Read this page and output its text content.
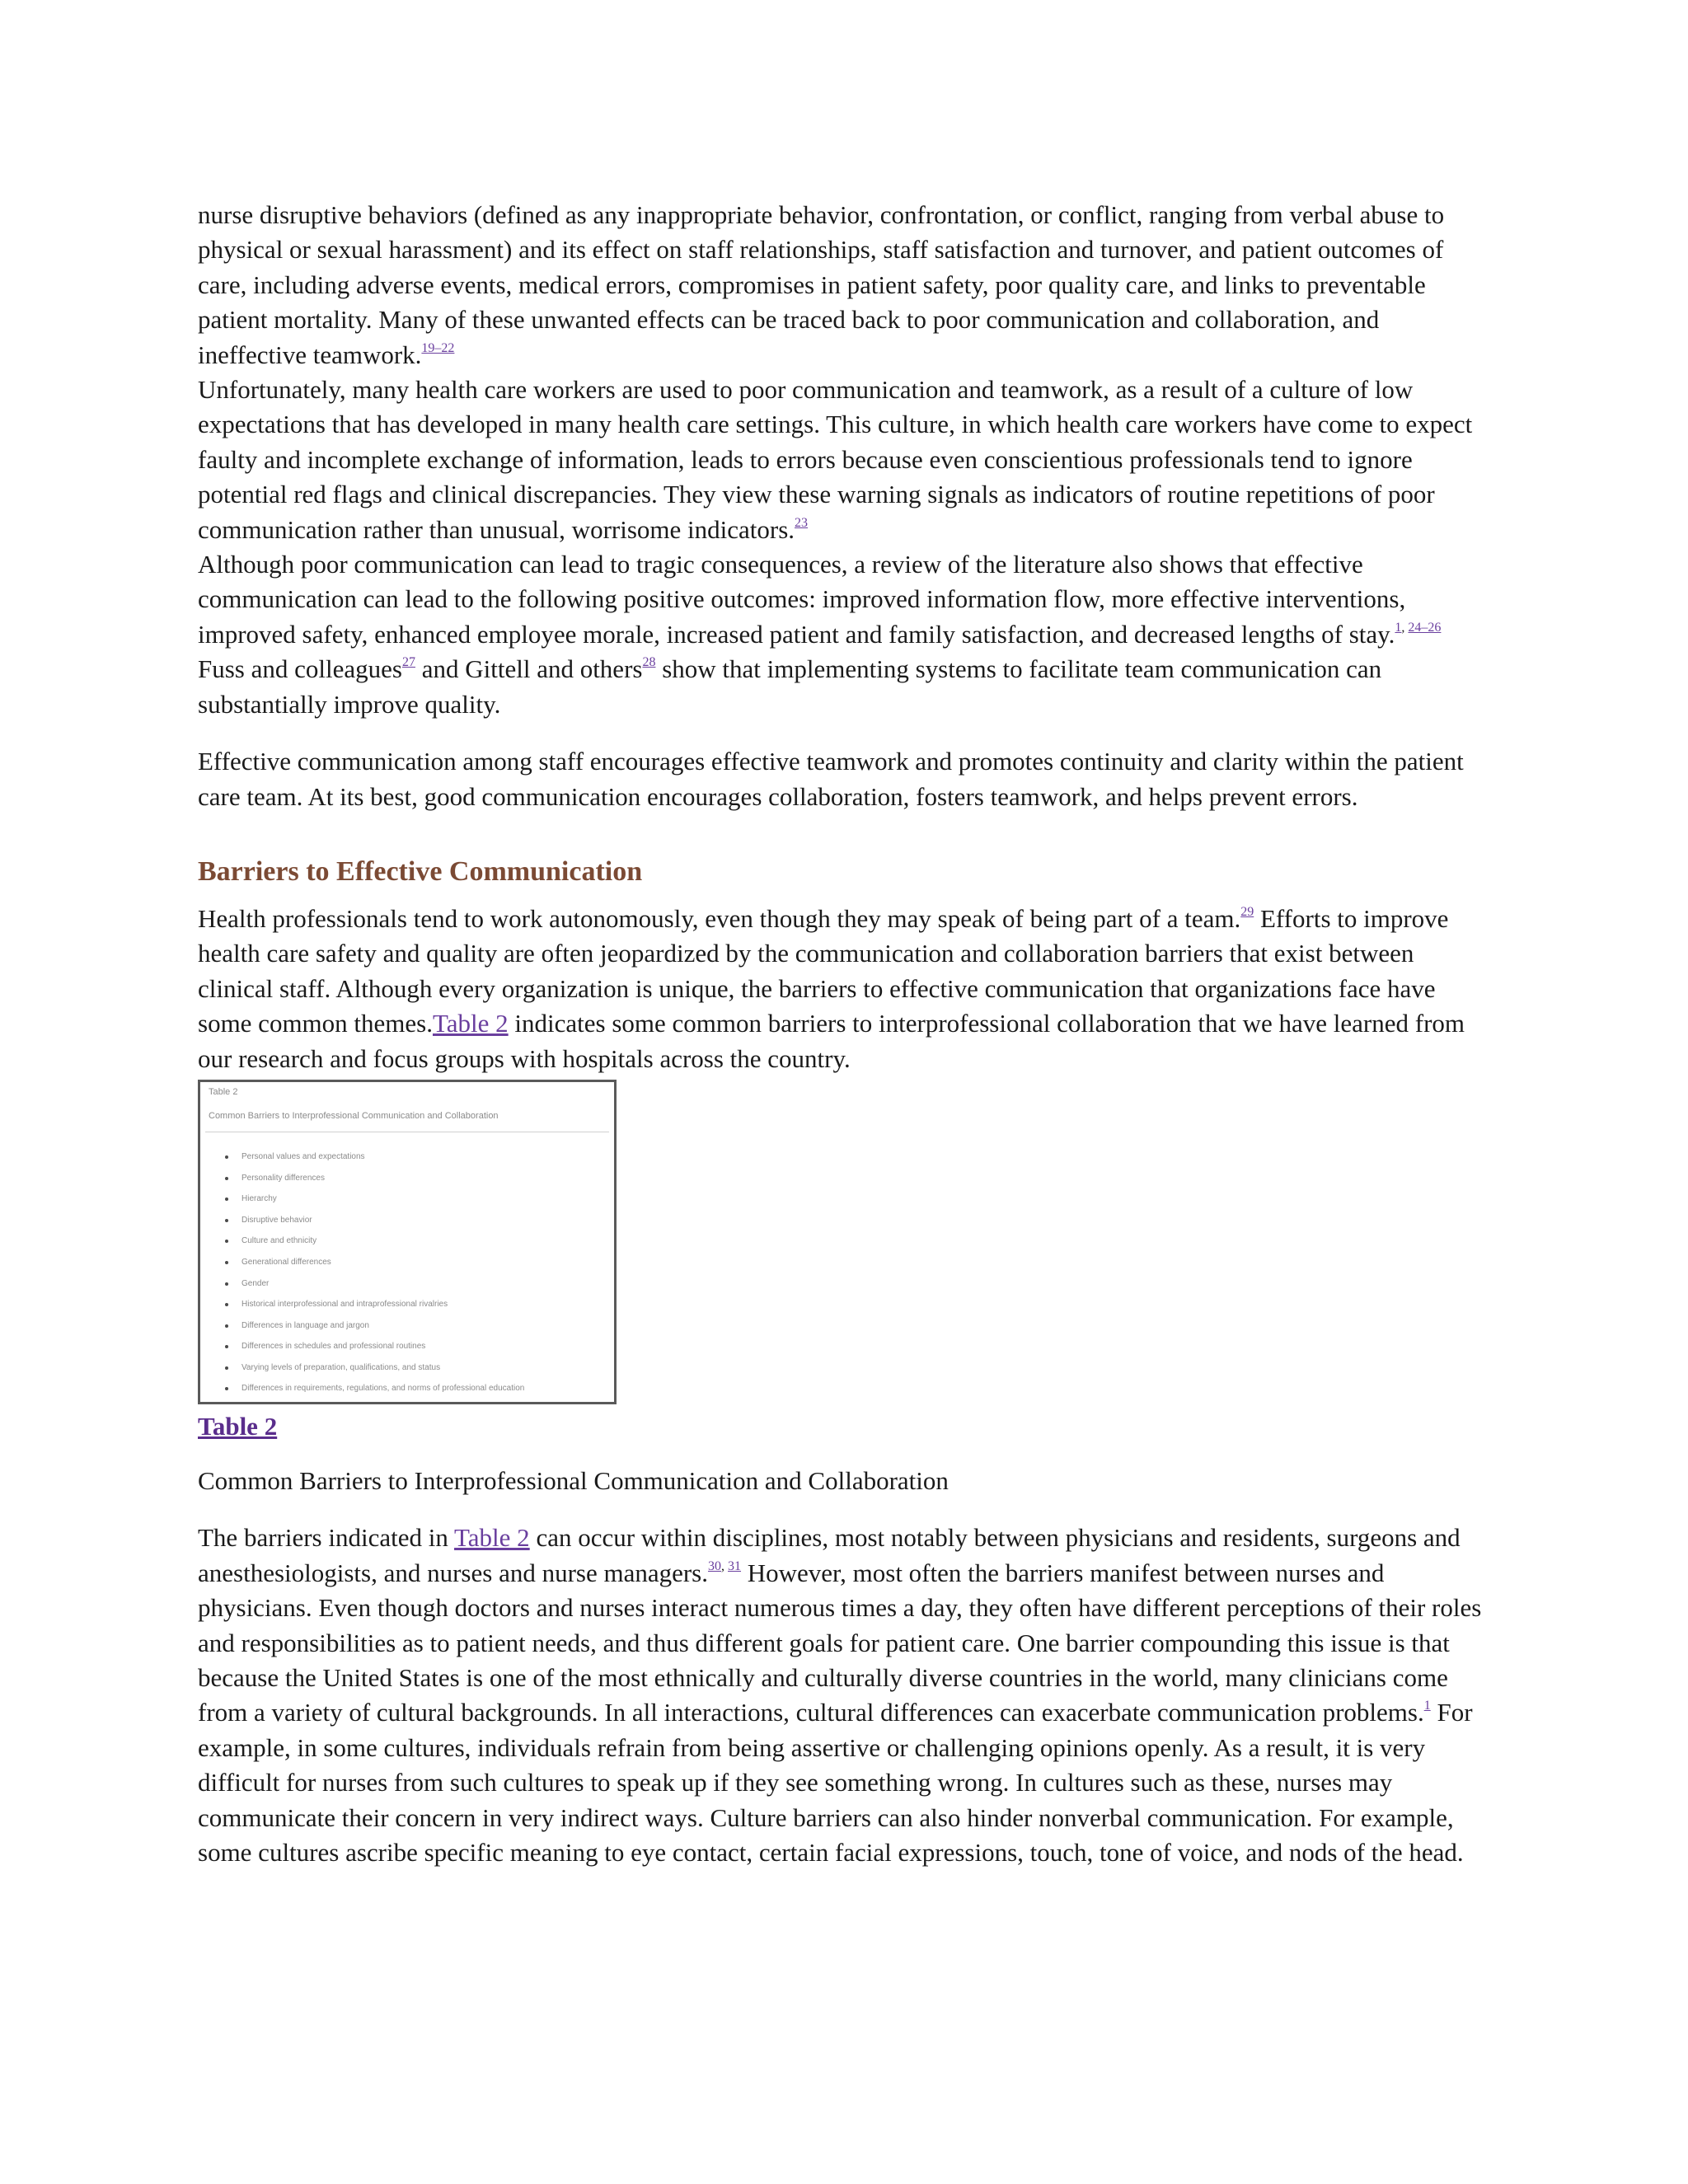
nurse disruptive behaviors (defined as any inappropriate behavior, confrontation, or conflict, ranging from verbal abuse to physical or sexual harassment) and its effect on staff relationships, staff satisfaction and turnover, and patient outcomes of care, including adverse events, medical errors, compromises in patient safety, poor quality care, and links to preventable patient mortality. Many of these unwanted effects can be traced back to poor communication and collaboration, and ineffective teamwork.$^{19-22}$

Unfortunately, many health care workers are used to poor communication and teamwork, as a result of a culture of low expectations that has developed in many health care settings. This culture, in which health care workers have come to expect faulty and incomplete exchange of information, leads to errors because even conscientious professionals tend to ignore potential red flags and clinical discrepancies. They view these warning signals as indicators of routine repetitions of poor communication rather than unusual, worrisome indicators.$^{23}$

Although poor communication can lead to tragic consequences, a review of the literature also shows that effective communication can lead to the following positive outcomes: improved information flow, more effective interventions, improved safety, enhanced employee morale, increased patient and family satisfaction, and decreased lengths of stay.$^{1, 24-26}$ Fuss and colleagues$^{27}$ and Gittell and others$^{28}$ show that implementing systems to facilitate team communication can substantially improve quality.

Effective communication among staff encourages effective teamwork and promotes continuity and clarity within the patient care team. At its best, good communication encourages collaboration, fosters teamwork, and helps prevent errors.

Barriers to Effective Communication

Health professionals tend to work autonomously, even though they may speak of being part of a team.$^{29}$ Efforts to improve health care safety and quality are often jeopardized by the communication and collaboration barriers that exist between clinical staff. Although every organization is unique, the barriers to effective communication that organizations face have some common themes.Table 2 indicates some common barriers to interprofessional collaboration that we have learned from our research and focus groups with hospitals across the country.

Table 2
Common Barriers to Interprofessional Communication and Collaboration
Personal values and expectations
Personality differences
Hierarchy
Disruptive behavior
Culture and ethnicity
Generational differences
Gender
Historical interprofessional and intraprofessional rivalries
Differences in language and jargon
Differences in schedules and professional routines
Varying levels of preparation, qualifications, and status
Differences in requirements, regulations, and norms of professional education
Table 2

Common Barriers to Interprofessional Communication and Collaboration

The barriers indicated in Table 2 can occur within disciplines, most notably between physicians and residents, surgeons and anesthesiologists, and nurses and nurse managers.$^{30, 31}$ However, most often the barriers manifest between nurses and physicians. Even though doctors and nurses interact numerous times a day, they often have different perceptions of their roles and responsibilities as to patient needs, and thus different goals for patient care. One barrier compounding this issue is that because the United States is one of the most ethnically and culturally diverse countries in the world, many clinicians come from a variety of cultural backgrounds. In all interactions, cultural differences can exacerbate communication problems.$^1$ For example, in some cultures, individuals refrain from being assertive or challenging opinions openly. As a result, it is very difficult for nurses from such cultures to speak up if they see something wrong. In cultures such as these, nurses may communicate their concern in very indirect ways. Culture barriers can also hinder nonverbal communication. For example, some cultures ascribe specific meaning to eye contact, certain facial expressions, touch, tone of voice, and nods of the head.
